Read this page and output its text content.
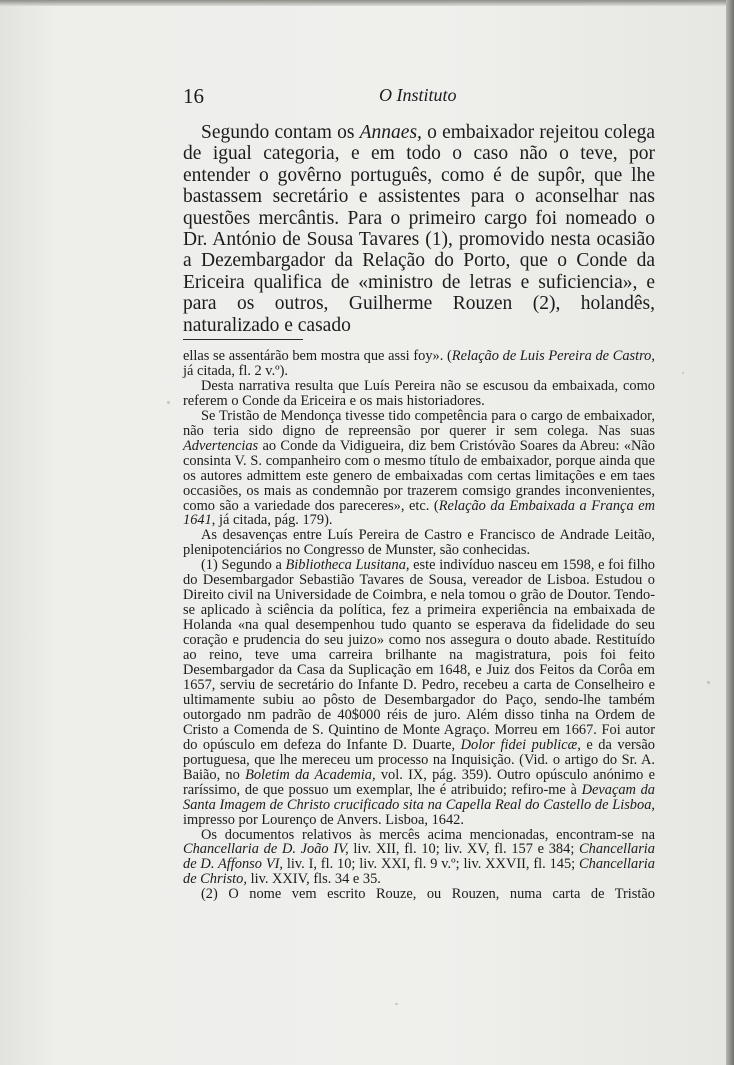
16	O Instituto

Segundo contam os Annaes, o embaixador rejeitou colega de igual categoria, e em todo o caso não o teve, por entender o govêrno português, como é de supôr, que lhe bastassem secretário e assistentes para o aconselhar nas questões mercântis. Para o primeiro cargo foi nomeado o Dr. António de Sousa Tavares (1), promovido nesta ocasião a Dezembargador da Relação do Porto, que o Conde da Ericeira qualifica de «ministro de letras e suficiencia», e para os outros, Guilherme Rouzen (2), holandês, naturalizado e casado

ellas se assentárão bem mostra que assi foy». (Relação de Luis Pereira de Castro, já citada, fl. 2 v.º).

Desta narrativa resulta que Luís Pereira não se escusou da embaixada, como referem o Conde da Ericeira e os mais historiadores.

Se Tristão de Mendonça tivesse tido competência para o cargo de embaixador, não teria sido digno de repreensão por querer ir sem colega. Nas suas Advertencias ao Conde da Vidigueira, diz bem Cristóvão Soares da Abreu: «Não consinta V. S. companheiro com o mesmo título de embaixador, porque ainda que os autores admittem este genero de embaixadas com certas limitações e em taes occasiões, os mais as condemnão por trazerem comsigo grandes inconvenientes, como são a variedade dos pareceres», etc. (Relação da Embaixada a França em 1641, já citada, pág. 179).

As desavenças entre Luís Pereira de Castro e Francisco de Andrade Leitão, plenipotenciários no Congresso de Munster, são conhecidas.

(1) Segundo a Bibliotheca Lusitana, este indivíduo nasceu em 1598, e foi filho do Desembargador Sebastião Tavares de Sousa, vereador de Lisboa. Estudou o Direito civil na Universidade de Coimbra, e nela tomou o grão de Doutor. Tendo-se aplicado à sciência da política, fez a primeira experiência na embaixada de Holanda «na qual desempenhou tudo quanto se esperava da fidelidade do seu coração e prudencia do seu juizo» como nos assegura o douto abade. Restituído ao reino, teve uma carreira brilhante na magistratura, pois foi feito Desembargador da Casa da Suplicação em 1648, e Juiz dos Feitos da Corôa em 1657, serviu de secretário do Infante D. Pedro, recebeu a carta de Conselheiro e ultimamente subiu ao pôsto de Desembargador do Paço, sendo-lhe também outorgado nm padrão de 40$000 réis de juro. Além disso tinha na Ordem de Cristo a Comenda de S. Quintino de Monte Agraço. Morreu em 1667. Foi autor do opúsculo em defeza do Infante D. Duarte, Dolor fidei publicæ, e da versão portuguesa, que lhe mereceu um processo na Inquisição. (Vid. o artigo do Sr. A. Baião, no Boletim da Academia, vol. IX, pág. 359). Outro opúsculo anónimo e raríssimo, de que possuo um exemplar, lhe é atribuido; refiro-me à Devaçam da Santa Imagem de Christo crucificado sita na Capella Real do Castello de Lisboa, impresso por Lourenço de Anvers. Lisboa, 1642.

Os documentos relativos às mercês acima mencionadas, encontram-se na Chancellaria de D. João IV, liv. XII, fl. 10; liv. XV, fl. 157 e 384; Chancellaria de D. Affonso VI, liv. I, fl. 10; liv. XXI, fl. 9 v.º; liv. XXVII, fl. 145; Chancellaria de Christo, liv. XXIV, fls. 34 e 35.

(2) O nome vem escrito Rouze, ou Rouzen, numa carta de Tristão
